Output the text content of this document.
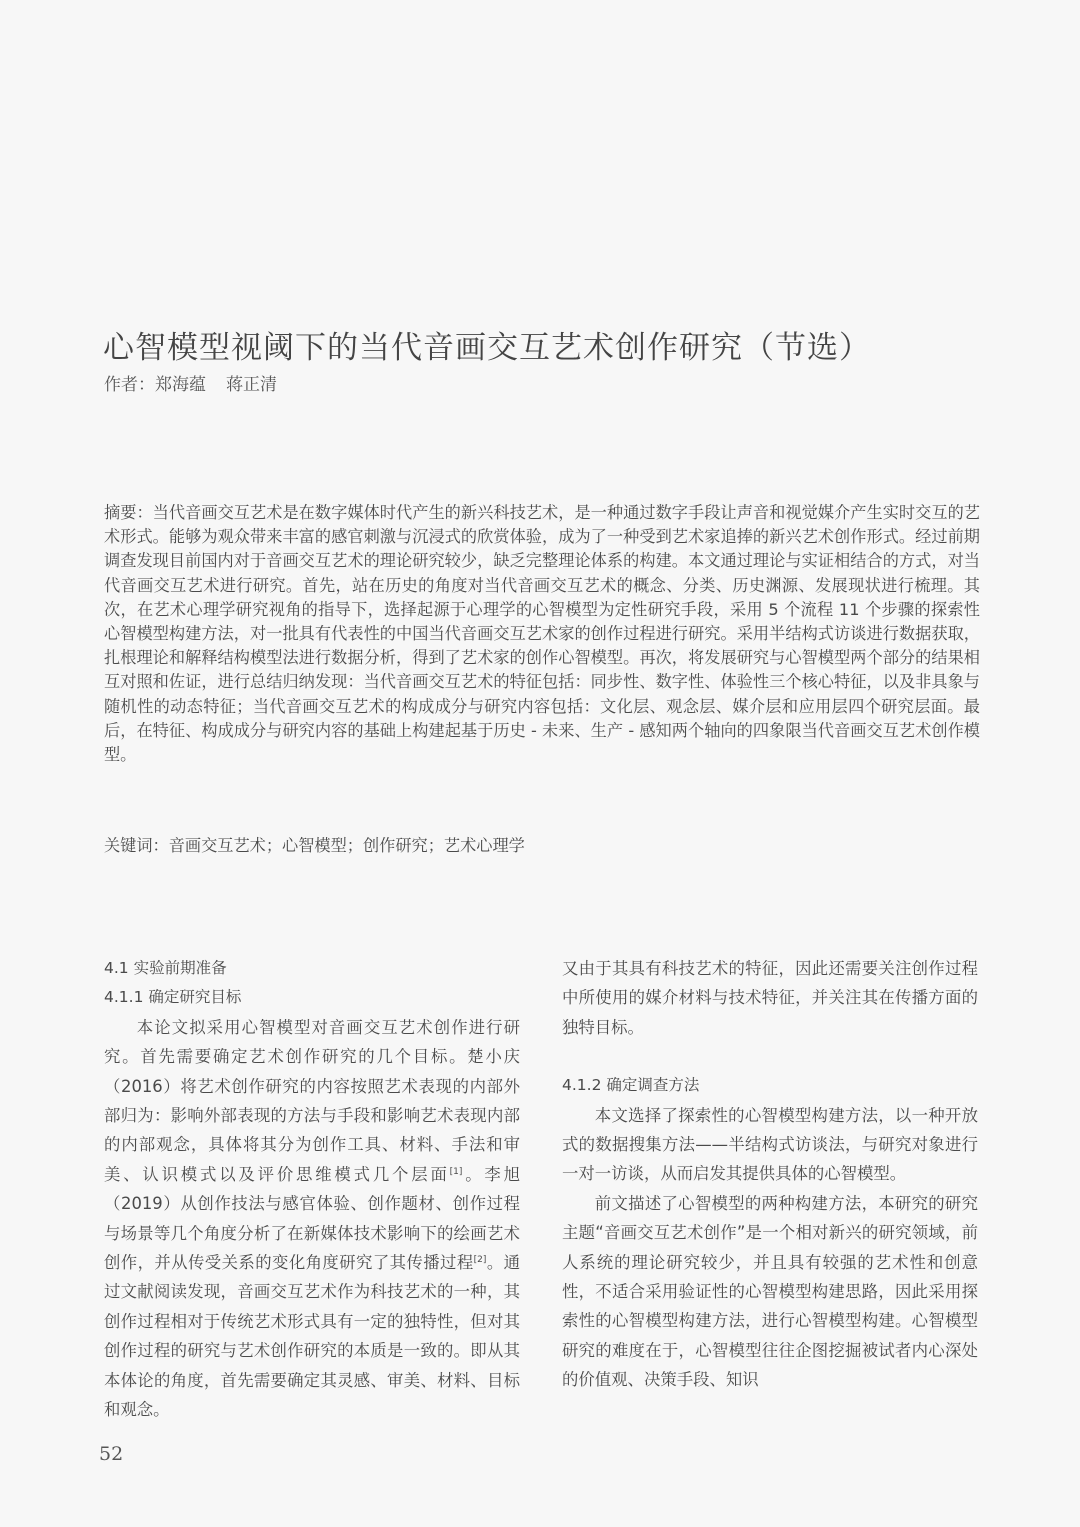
心智模型视阈下的当代音画交互艺术创作研究（节选）
作者：郑海蕴 蒋正清

摘要：当代音画交互艺术是在数字媒体时代产生的新兴科技艺术，是一种通过数字手段让声音和视觉媒介产生实时交互的艺术形式。能够为观众带来丰富的感官刺激与沉浸式的欣赏体验，成为了一种受到艺术家追捧的新兴艺术创作形式。经过前期调查发现目前国内对于音画交互艺术的理论研究较少，缺乏完整理论体系的构建。本文通过理论与实证相结合的方式，对当代音画交互艺术进行研究。首先，站在历史的角度对当代音画交互艺术的概念、分类、历史渊源、发展现状进行梳理。其次，在艺术心理学研究视角的指导下，选择起源于心理学的心智模型为定性研究手段，采用 5 个流程 11 个步骤的探索性心智模型构建方法，对一批具有代表性的中国当代音画交互艺术家的创作过程进行研究。采用半结构式访谈进行数据获取，扎根理论和解释结构模型法进行数据分析，得到了艺术家的创作心智模型。再次，将发展研究与心智模型两个部分的结果相互对照和佐证，进行总结归纳发现：当代音画交互艺术的特征包括：同步性、数字性、体验性三个核心特征，以及非具象与随机性的动态特征；当代音画交互艺术的构成成分与研究内容包括：文化层、观念层、媒介层和应用层四个研究层面。最后，在特征、构成成分与研究内容的基础上构建起基于历史 - 未来、生产 - 感知两个轴向的四象限当代音画交互艺术创作模型。

关键词：音画交互艺术；心智模型；创作研究；艺术心理学

4.1 实验前期准备

4.1.1 确定研究目标

本论文拟采用心智模型对音画交互艺术创作进行研究。首先需要确定艺术创作研究的几个目标。楚小庆（2016）将艺术创作研究的内容按照艺术表现的内部外部归为：影响外部表现的方法与手段和影响艺术表现内部的内部观念，具体将其分为创作工具、材料、手法和审美、认识模式以及评价思维模式几个层面[1]。李旭（2019）从创作技法与感官体验、创作题材、创作过程与场景等几个角度分析了在新媒体技术影响下的绘画艺术创作，并从传受关系的变化角度研究了其传播过程[2]。通过文献阅读发现，音画交互艺术作为科技艺术的一种，其创作过程相对于传统艺术形式具有一定的独特性，但对其创作过程的研究与艺术创作研究的本质是一致的。即从其本体论的角度，首先需要确定其灵感、审美、材料、目标和观念。

又由于其具有科技艺术的特征，因此还需要关注创作过程中所使用的媒介材料与技术特征，并关注其在传播方面的独特目标。

4.1.2 确定调查方法

本文选择了探索性的心智模型构建方法，以一种开放式的数据搜集方法——半结构式访谈法，与研究对象进行一对一访谈，从而启发其提供具体的心智模型。

前文描述了心智模型的两种构建方法，本研究的研究主题“音画交互艺术创作”是一个相对新兴的研究领域，前人系统的理论研究较少，并且具有较强的艺术性和创意性，不适合采用验证性的心智模型构建思路，因此采用探索性的心智模型构建方法，进行心智模型构建。心智模型研究的难度在于，心智模型往往企图挖掘被试者内心深处的价值观、决策手段、知识

52
